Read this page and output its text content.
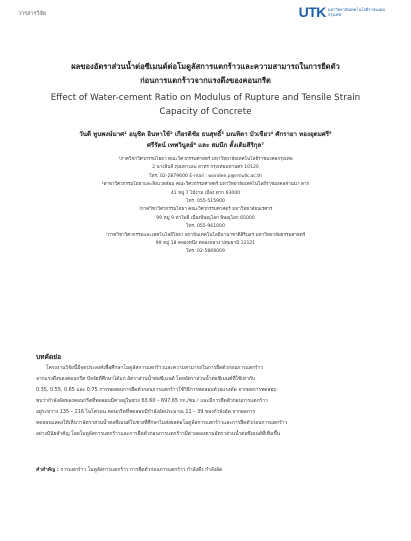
วารสารวิจัย	UTK มหาวิทยาลัยเทคโนโลยีราชมงคล
กรุงเทพ
ผลของอัตราส่วนน้ำต่อซีเมนต์ต่อโมดูลัสการแตกร้าวและความสามารถในการยืดตัว
ก่อนการแตกร้าวจากแรงดึงของคอนกรีต
Effect of Water-cement Ratio on Modulus of Rupture and Tensile Strain
Capacity of Concrete
วันดี ทูนพงษ์มาศ¹ อนุชิต อินทาใช้² เกียรติชัย ธนสุทธิ์³ มณทิตา บัวเขียว⁴ ศักรายา ทองอุดมศรี⁵
ศรีรัตน์ เทพวินูลย์⁶ และ สมนึก ตั้งเติมสิริกุล⁷
¹ภาควิชาวิศวกรรมโยธา คณะวิศวกรรมศาสตร์ มหาวิทยาลัยเทคโนโลยีราชมงคลกรุงเทพ
2 นางลิ้นจี่ ทุ่งมหาเมฆ สาทร กรุงเทพมหานคร 10120
โทร. 02-2879600 E-mail : wandee.p@rmutk.ac.th
²สาขาวิศวกรรมโยธาและสิ่งแวดล้อม คณะวิศวกรรมศาสตร์ มหาวิทยาลัยเทคโนโลยีราชมงคลล้านนา ตาก
41 หมู่ 7 ไม้งาม เมือง ตาก 63000
โทร. 055-515900
³ภาควิชาวิศวกรรมโยธา คณะวิศวกรรมศาสตร์ มหาวิทยาลัยนเรศวร
99 หมู่ 9 ท่าโพธิ์ เมืองพิษณุโลก พิษณุโลก 65000
โทร. 055-961000
⁷ภาควิชาวิศวกรรมและเทคโนโลยีโยธา สถาบันเทคโนโลยีนานาชาติสิรินธร มหาวิทยาลัยธรรมศาสตร์
99 หมู่ 18 คลองหนึ่ง คลองหลวง ปทุมธานี 12121
โทร. 02-5869009
บทคัดย่อ
โครงงานวิจัยนี้มีจุดประสงค์เพื่อศึกษาโมดูลัสการแตกร้าวและความสามารถในการยืดตัวก่อนการแตกร้าว
จากแรงดึงของคอนกรีต ปัจจัยที่ศึกษาได้แก่ อัตราส่วนน้ำต่อซีเมนต์ โดยอัตราส่วนน้ำต่อซีเมนต์ที่ใช้เท่ากับ
0.35, 0.55, 0.65 และ 0.75 การทดสอบการยืดตัวก่อนการแตกร้าวใช้วิธีการทดสอบด้วยแรงดัด จากผลการทดสอบ
พบว่ากำลังอัดของคอนกรีตที่ทดสอบมีค่าอยู่ในช่วง 63.60 – 697.65 กก./ซม.² และมีการยืดตัวก่อนการแตกร้าว
อยู่ระหว่าง 135 – 216 ไมโครอน คอนกรีตที่ทดสอบมีกำลังอัดประมาณ 11 – 39 ของกำลังอัด จากผลการ
ทดสอบแสดงให้เห็นว่าอัตราส่วนน้ำต่อซีเมนต์ในช่วงที่ศึกษาไม่ส่งผลต่อโมดูลัสการแตกร้าวและการยืดตัวก่อนการแตกร้าว
อย่างมีนัยสำคัญ โดยโมดูลัสการแตกร้าวและการยืดตัวก่อนการแตกร้าวมีค่าลดลงตามอัตราส่วนน้ำต่อซีเมนต์ที่เพิ่มขึ้น
คำสำคัญ : การแตกร้าว โมดูลัสการแตกร้าว การยืดตัวก่อนการแตกร้าว กำลังดึง กำลังอัด
